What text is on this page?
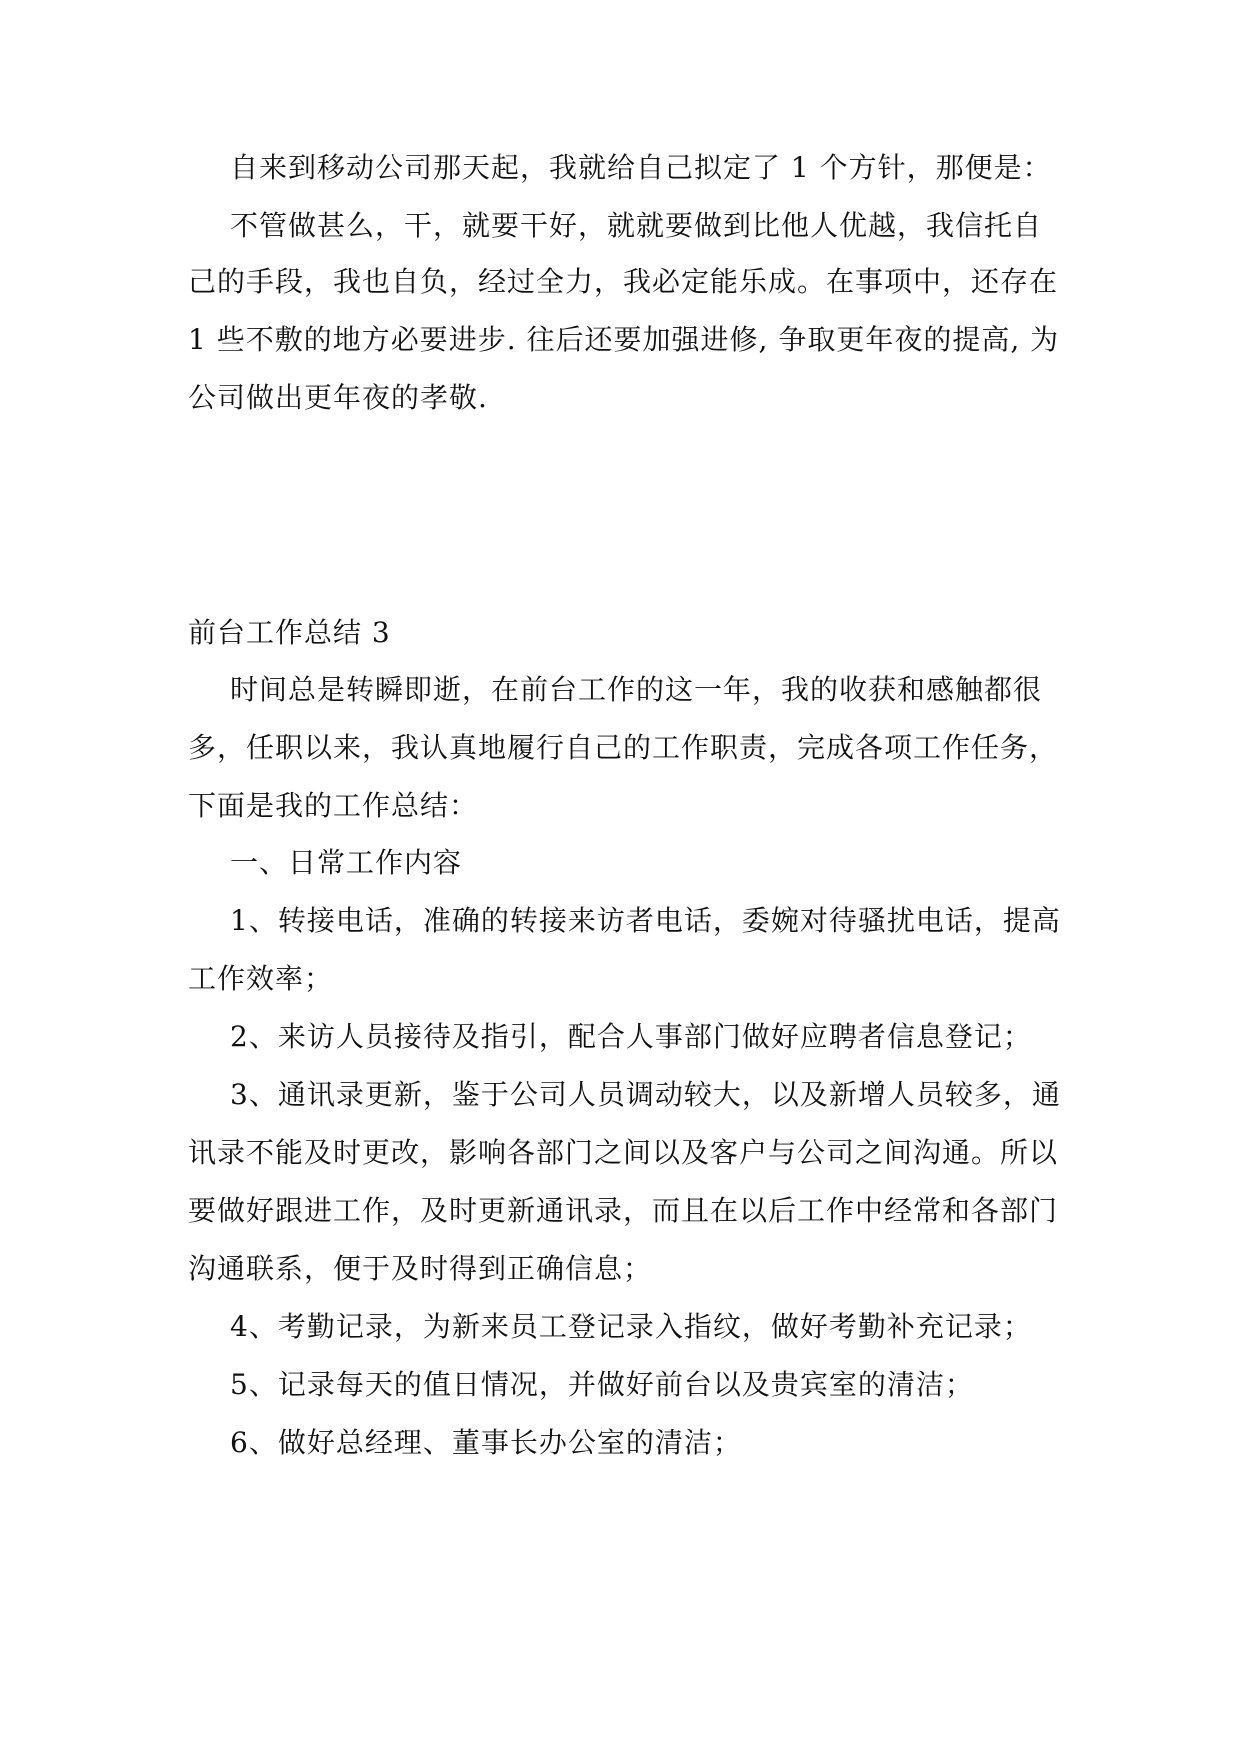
自来到移动公司那天起，我就给自己拟定了 1 个方针，那便是：
不管做甚么，干，就要干好，就就要做到比他人优越，我信托自
己的手段，我也自负，经过全力，我必定能乐成。在事项中，还存在
1 些不敷的地方必要进步. 往后还要加强进修, 争取更年夜的提高, 为
公司做出更年夜的孝敬.
前台工作总结 3
时间总是转瞬即逝，在前台工作的这一年，我的收获和感触都很
多，任职以来，我认真地履行自己的工作职责，完成各项工作任务，
下面是我的工作总结：
一、日常工作内容
1、转接电话，准确的转接来访者电话，委婉对待骚扰电话，提高
工作效率；
2、来访人员接待及指引，配合人事部门做好应聘者信息登记；
3、通讯录更新，鉴于公司人员调动较大，以及新增人员较多，通
讯录不能及时更改，影响各部门之间以及客户与公司之间沟通。所以
要做好跟进工作，及时更新通讯录，而且在以后工作中经常和各部门
沟通联系，便于及时得到正确信息；
4、考勤记录，为新来员工登记录入指纹，做好考勤补充记录；
5、记录每天的值日情况，并做好前台以及贵宾室的清洁；
6、做好总经理、董事长办公室的清洁；
